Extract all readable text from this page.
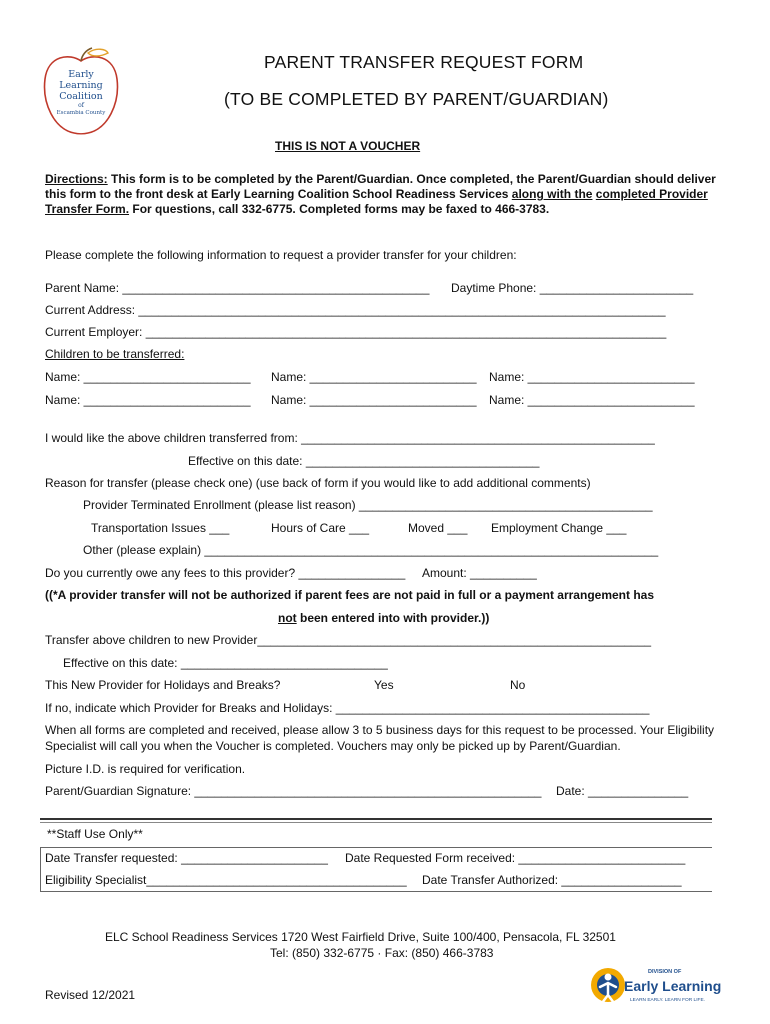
Early
Learning
Coalition
of
Escambia County
PARENT TRANSFER REQUEST FORM
(TO BE COMPLETED BY PARENT/GUARDIAN)
THIS IS NOT A VOUCHER
Directions: This form is to be completed by the Parent/Guardian. Once completed, the Parent/Guardian should deliver this form to the front desk at Early Learning Coalition School Readiness Services along with the completed Provider Transfer Form. For questions, call 332-6775. Completed forms may be faxed to 466-3783.
Please complete the following information to request a provider transfer for your children:
Parent Name: ______________________________________________ Daytime Phone: _______________________
Current Address: _______________________________________________________________________________
Current Employer: ______________________________________________________________________________
Children to be transferred:
Name: _________________________ Name: _________________________ Name: _________________________
Name: _________________________ Name: _________________________ Name: _________________________
I would like the above children transferred from: _____________________________________________________
Effective on this date: ___________________________________
Reason for transfer (please check one) (use back of form if you would like to add additional comments)
Provider Terminated Enrollment (please list reason) ____________________________________________
Transportation Issues ___	Hours of Care ___	Moved ___ Employment Change ___
Other (please explain) ____________________________________________________________________
Do you currently owe any fees to this provider? ________________ Amount: __________
((*A provider transfer will not be authorized if parent fees are not paid in full or a payment arrangement has
not been entered into with provider.))
Transfer above children to new Provider___________________________________________________________
Effective on this date: _______________________________
This New Provider for Holidays and Breaks?	Yes	No
If no, indicate which Provider for Breaks and Holidays: _______________________________________________
When all forms are completed and received, please allow 3 to 5 business days for this request to be processed. Your Eligibility Specialist will call you when the Voucher is completed. Vouchers may only be picked up by Parent/Guardian.
Picture I.D. is required for verification.
Parent/Guardian Signature: ____________________________________________________ Date: _______________
**Staff Use Only**
Date Transfer requested: ______________________ Date Requested Form received: _________________________
Eligibility Specialist_______________________________________ Date Transfer Authorized: __________________
ELC School Readiness Services 1720 West Fairfield Drive, Suite 100/400, Pensacola, FL 32501
Tel: (850) 332-6775 · Fax: (850) 466-3783
Revised 12/2021
DIVISION OF
Early Learning
LEARN EARLY. LEARN FOR LIFE.
